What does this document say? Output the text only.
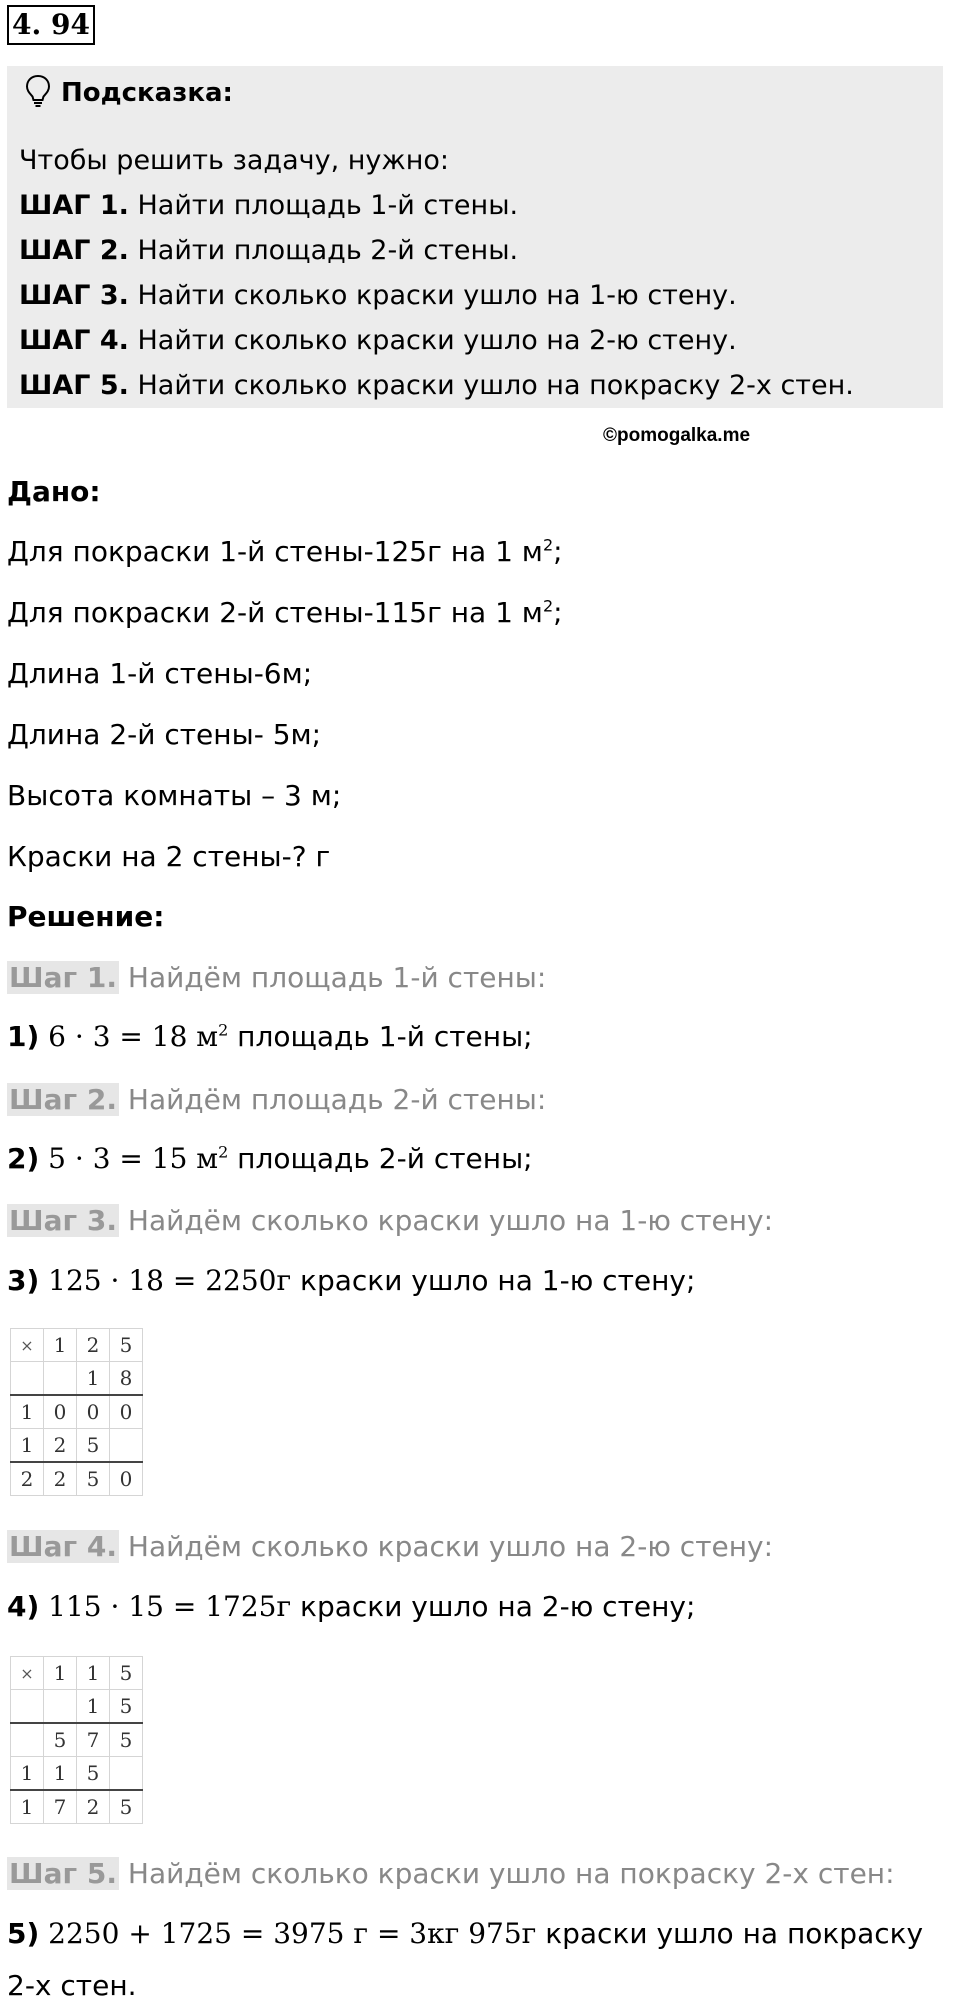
4. 94
Подсказка:
Чтобы решить задачу, нужно:
ШАГ 1. Найти площадь 1-й стены.
ШАГ 2. Найти площадь 2-й стены.
ШАГ 3. Найти сколько краски ушло на 1-ю стену.
ШАГ 4. Найти сколько краски ушло на 2-ю стену.
ШАГ 5. Найти сколько краски ушло на покраску 2-х стен.
©pomogalka.me
Дано:
Для покраски 1-й стены-125г на 1 $м^2$;
Для покраски 2-й стены-115г на 1 $м^2$;
Длина 1-й стены-6м;
Длина 2-й стены- 5м;
Высота комнаты – 3 м;
Краски на 2 стены-? г
Решение:
Шаг 1. Найдём площадь 1-й стены:
1) 6 · 3 = 18 $м^2$ площадь 1-й стены;
Шаг 2. Найдём площадь 2-й стены:
2) 5 · 3 = 15 $м^2$ площадь 2-й стены;
Шаг 3. Найдём сколько краски ушло на 1-ю стену:
3) 125 · 18 = 2250г краски ушло на 1-ю стену;
×	1	2	5
		1	8
1	0	0	0
1	2	5	
2	2	5	0
Шаг 4. Найдём сколько краски ушло на 2-ю стену:
4) 115 · 15 = 1725г краски ушло на 2-ю стену;
×	1	1	5
		1	5
	5	7	5
1	1	5	
1	7	2	5
Шаг 5. Найдём сколько краски ушло на покраску 2-х стен:
5) 2250 + 1725 = 3975 г = 3кг 975г краски ушло на покраску
2-х стен.
